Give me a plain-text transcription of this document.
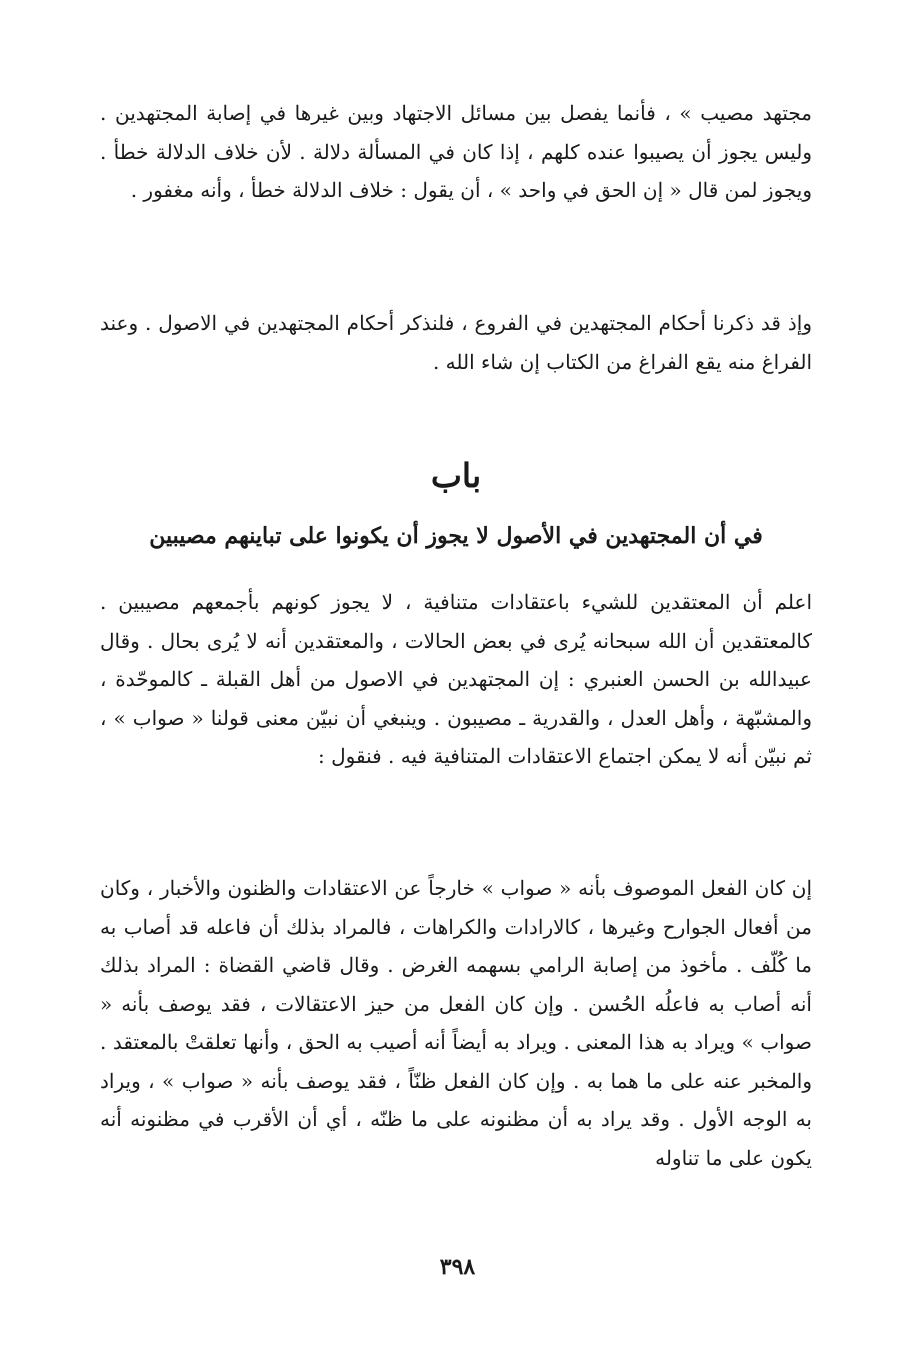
مجتهد مصيب » ، فأنما يفصل بين مسائل الاجتهاد وبين غيرها في إصابة المجتهدين . وليس يجوز أن يصيبوا عنده كلهم ، إذا كان في المسألة دلالة . لأن خلاف الدلالة خطأ . ويجوز لمن قال « إن الحق في واحد » ، أن يقول : خلاف الدلالة خطأ ، وأنه مغفور .

وإذ قد ذكرنا أحكام المجتهدين في الفروع ، فلنذكر أحكام المجتهدين في الاصول . وعند الفراغ منه يقع الفراغ من الكتاب إن شاء الله .

باب
في أن المجتهدين في الأصول لا يجوز أن يكونوا على تباينهم مصيبين

اعلم أن المعتقدين للشيء باعتقادات متنافية ، لا يجوز كونهم بأجمعهم مصيبين . كالمعتقدين أن الله سبحانه يُرى في بعض الحالات ، والمعتقدين أنه لا يُرى بحال . وقال عبيدالله بن الحسن العنبري : إن المجتهدين في الاصول من أهل القبلة ـ كالموحّدة ، والمشبّهة ، وأهل العدل ، والقدرية ـ مصيبون . وينبغي أن نبيّن معنى قولنا « صواب » ، ثم نبيّن أنه لا يمكن اجتماع الاعتقادات المتنافية فيه . فنقول :

إن كان الفعل الموصوف بأنه « صواب » خارجاً عن الاعتقادات والظنون والأخبار ، وكان من أفعال الجوارح وغيرها ، كالارادات والكراهات ، فالمراد بذلك أن فاعله قد أصاب به ما كُلّف . مأخوذ من إصابة الرامي بسهمه الغرض . وقال قاضي القضاة : المراد بذلك أنه أصاب به فاعلُه الحُسن . وإن كان الفعل من حيز الاعتقالات ، فقد يوصف بأنه « صواب » ويراد به هذا المعنى . ويراد به أيضاً أنه أصيب به الحق ، وأنها تعلقتْ بالمعتقد . والمخبر عنه على ما هما به . وإن كان الفعل ظنّاً ، فقد يوصف بأنه « صواب » ، ويراد به الوجه الأول . وقد يراد به أن مظنونه على ما ظنّه ، أي أن الأقرب في مظنونه أنه يكون على ما تناوله

٣٩٨
